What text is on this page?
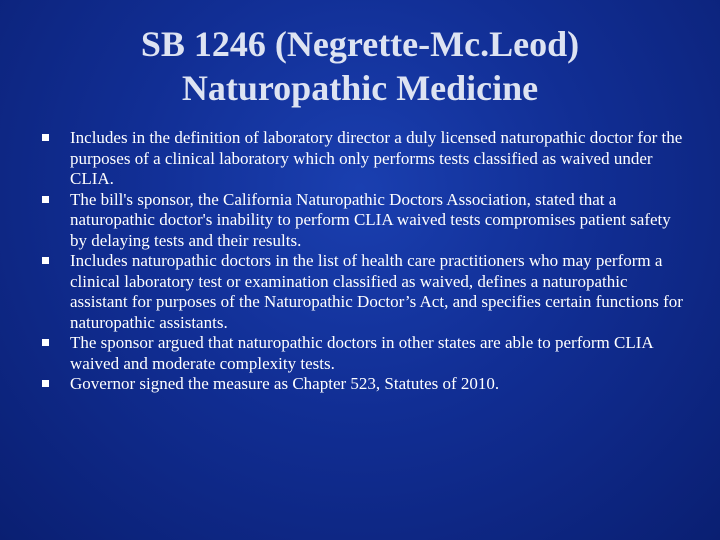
SB 1246 (Negrette-Mc.Leod)
Naturopathic Medicine
Includes in the definition of laboratory director a duly licensed naturopathic doctor for the purposes of a clinical laboratory which only performs tests classified as waived under CLIA.
The bill's sponsor, the California Naturopathic Doctors Association, stated that a naturopathic doctor's inability to perform CLIA waived tests compromises patient safety by delaying tests and their results.
Includes naturopathic doctors in the list of health care practitioners who may perform a clinical laboratory test or examination classified as waived, defines a naturopathic assistant for purposes of the Naturopathic Doctor’s Act, and specifies certain functions for naturopathic assistants.
The sponsor argued that naturopathic doctors in other states are able to perform CLIA waived and moderate complexity tests.
Governor signed the measure as Chapter 523, Statutes of 2010.
